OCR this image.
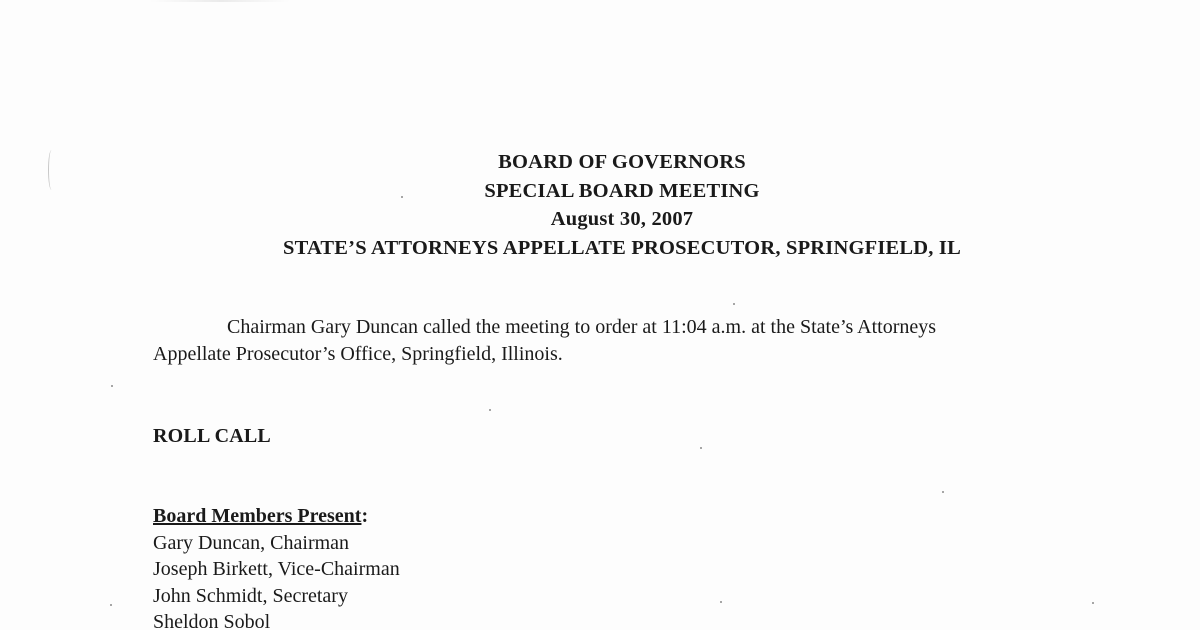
BOARD OF GOVERNORS
SPECIAL BOARD MEETING
August 30, 2007
STATE’S ATTORNEYS APPELLATE PROSECUTOR, SPRINGFIELD, IL
Chairman Gary Duncan called the meeting to order at 11:04 a.m. at the State’s Attorneys
Appellate Prosecutor’s Office, Springfield, Illinois.
ROLL CALL
Board Members Present:
Gary Duncan, Chairman
Joseph Birkett, Vice-Chairman
John Schmidt, Secretary
Sheldon Sobol
